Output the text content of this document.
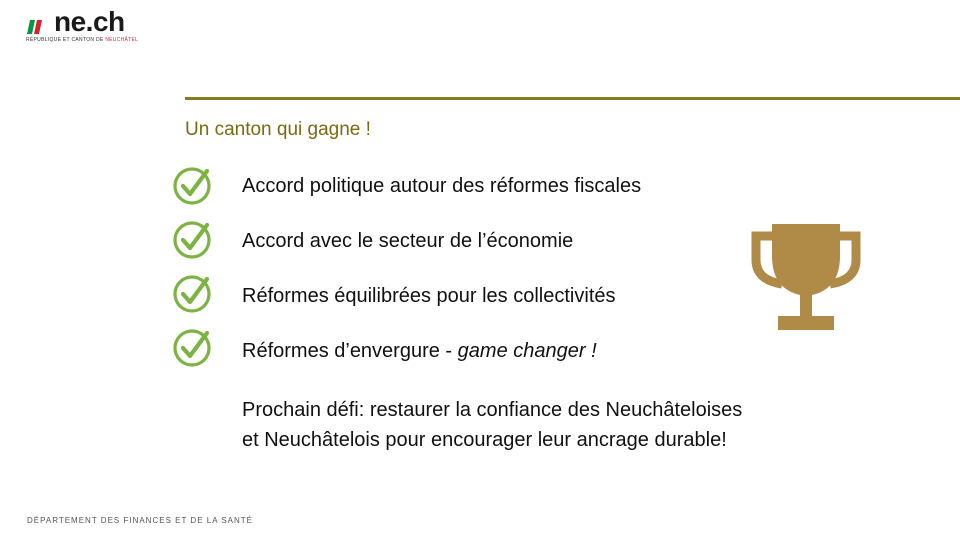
ne.ch
RÉPUBLIQUE ET CANTON DE NEUCHÂTEL
Un canton qui gagne !
Accord politique autour des réformes fiscales
Accord avec le secteur de l’économie
Réformes équilibrées pour les collectivités
Réformes d’envergure - game changer !
Prochain défi: restaurer la confiance des Neuchâteloises
et Neuchâtelois pour encourager leur ancrage durable!
DÉPARTEMENT DES FINANCES ET DE LA SANTÉ
